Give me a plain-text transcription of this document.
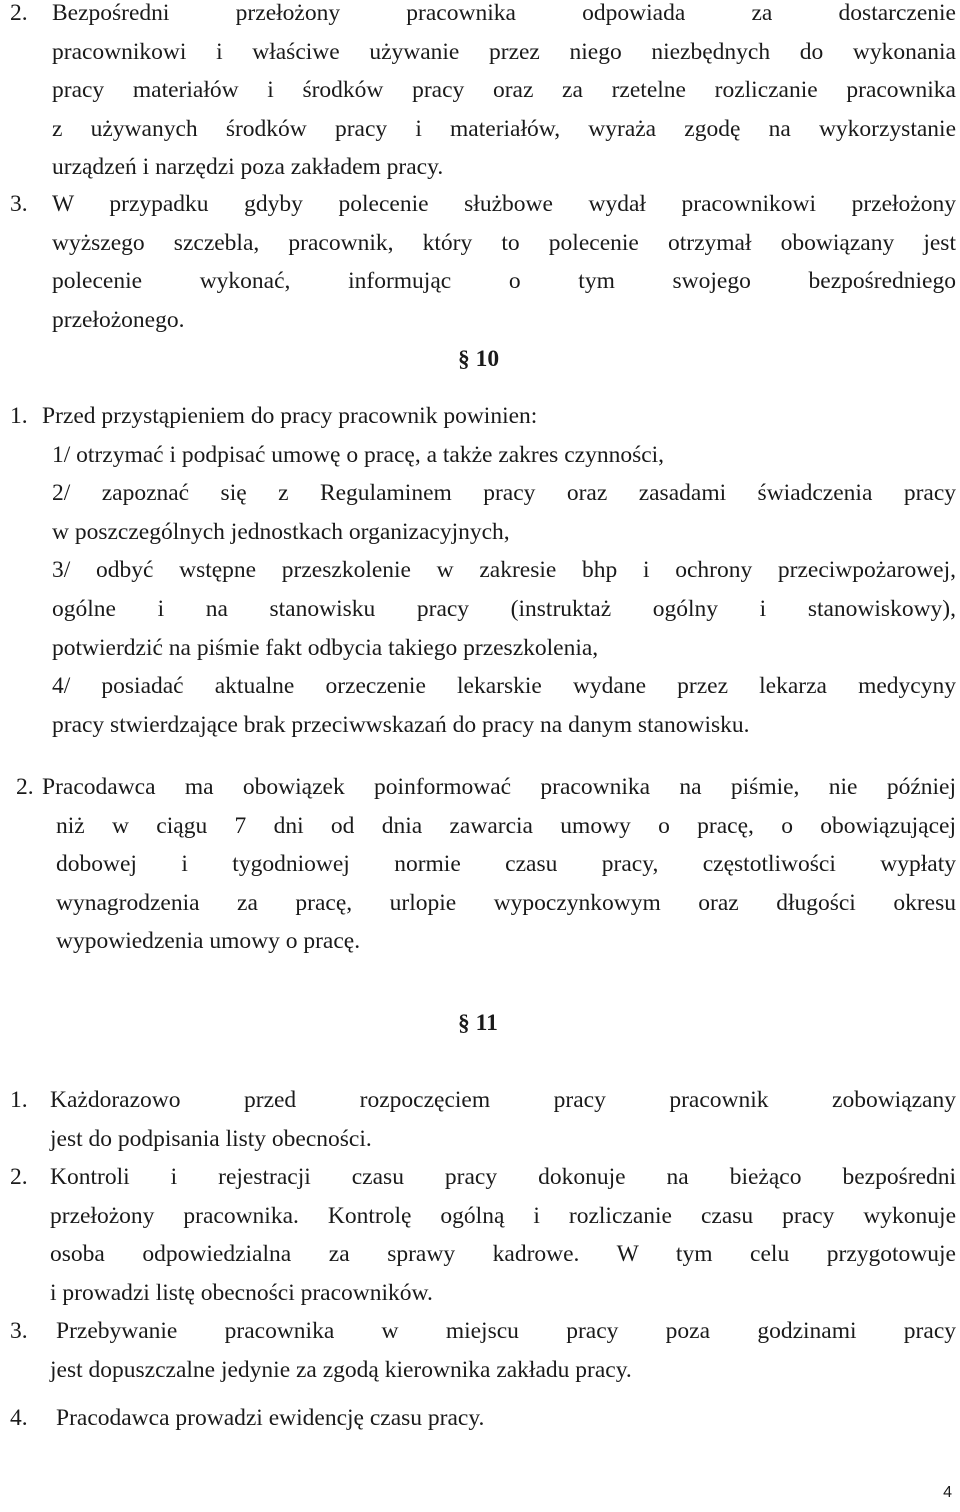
2. Bezpośredni przełożony pracownika odpowiada za dostarczenie
pracownikowi i właściwe używanie przez niego niezbędnych do wykonania
pracy materiałów i środków pracy oraz za rzetelne rozliczanie pracownika
z używanych środków pracy i materiałów, wyraża zgodę na wykorzystanie
urządzeń i narzędzi poza zakładem pracy.
3. W przypadku gdyby polecenie służbowe wydał pracownikowi przełożony
wyższego szczebla, pracownik, który to polecenie otrzymał obowiązany jest
polecenie wykonać, informując o tym swojego bezpośredniego
przełożonego.
§ 10
1. Przed przystąpieniem do pracy pracownik powinien:
1/ otrzymać i podpisać umowę o pracę, a także zakres czynności,
2/ zapoznać się z Regulaminem pracy oraz zasadami świadczenia pracy
w poszczególnych jednostkach organizacyjnych,
3/ odbyć wstępne przeszkolenie w zakresie bhp i ochrony przeciwpożarowej,
ogólne i na stanowisku pracy (instruktaż ogólny i stanowiskowy),
potwierdzić na piśmie fakt odbycia takiego przeszkolenia,
4/ posiadać aktualne orzeczenie lekarskie wydane przez lekarza medycyny
pracy stwierdzające brak przeciwwskazań do pracy na danym stanowisku.
2. Pracodawca ma obowiązek poinformować pracownika na piśmie, nie później
niż w ciągu 7 dni od dnia zawarcia umowy o pracę, o obowiązującej
dobowej i tygodniowej normie czasu pracy, częstotliwości wypłaty
wynagrodzenia za pracę, urlopie wypoczynkowym oraz długości okresu
wypowiedzenia umowy o pracę.
§ 11
1. Każdorazowo przed rozpoczęciem pracy pracownik zobowiązany
jest do podpisania listy obecności.
2. Kontroli i rejestracji czasu pracy dokonuje na bieżąco bezpośredni
przełożony pracownika. Kontrolę ogólną i rozliczanie czasu pracy wykonuje
osoba odpowiedzialna za sprawy kadrowe. W tym celu przygotowuje
i prowadzi listę obecności pracowników.
3. Przebywanie pracownika w miejscu pracy poza godzinami pracy
jest dopuszczalne jedynie za zgodą kierownika zakładu pracy.
4. Pracodawca prowadzi ewidencję czasu pracy.
4
